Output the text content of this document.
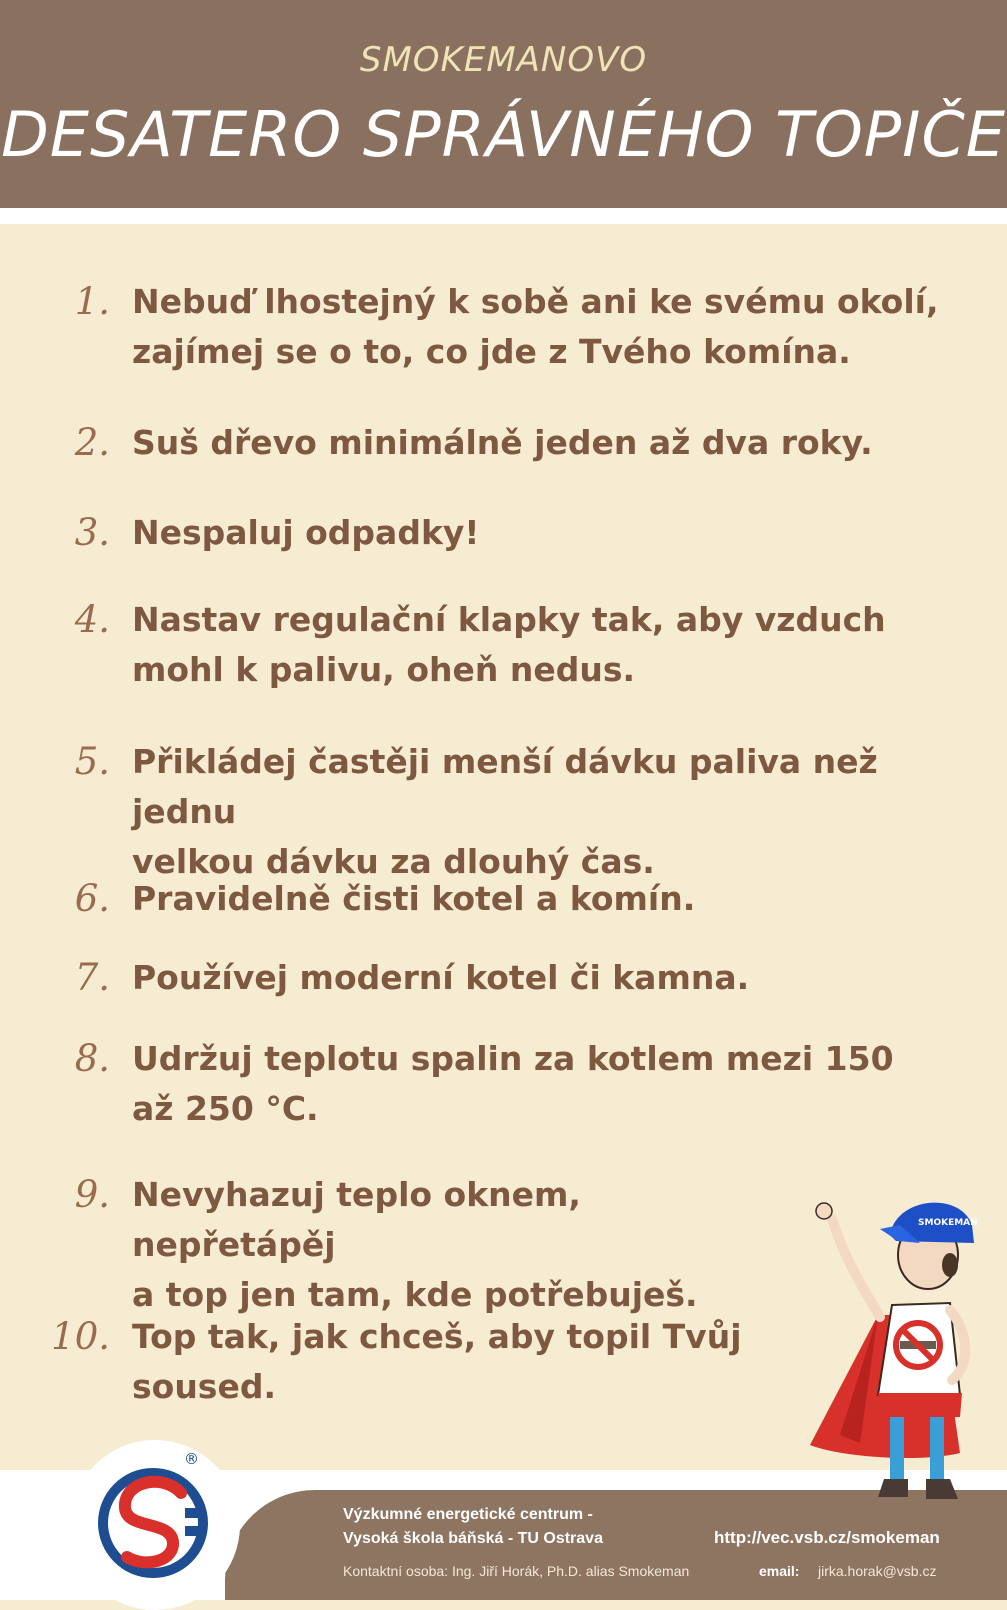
SMOKEMANOVO
DESATERO SPRÁVNÉHO TOPIČE
1. Nebuď lhostejný k sobě ani ke svému okolí,
zajímej se o to, co jde z Tvého komína.
2. Suš dřevo minimálně jeden až dva roky.
3. Nespaluj odpadky!
4. Nastav regulační klapky tak, aby vzduch
mohl k palivu, oheň nedus.
5. Přikládej častěji menší dávku paliva než jednu
velkou dávku za dlouhý čas.
6. Pravidelně čisti kotel a komín.
7. Používej moderní kotel či kamna.
8. Udržuj teplotu spalin za kotlem mezi 150
až 250 °C.
9. Nevyhazuj teplo oknem, nepřetápěj
a top jen tam, kde potřebuješ.
10. Top tak, jak chceš, aby topil Tvůj soused.
®
Výzkumné energetické centrum -
Vysoká škola báňská - TU Ostrava
Kontaktní osoba: Ing. Jiří Horák, Ph.D. alias Smokeman
http://vec.vsb.cz/smokeman
email: jirka.horak@vsb.cz
SMOKEMAN
